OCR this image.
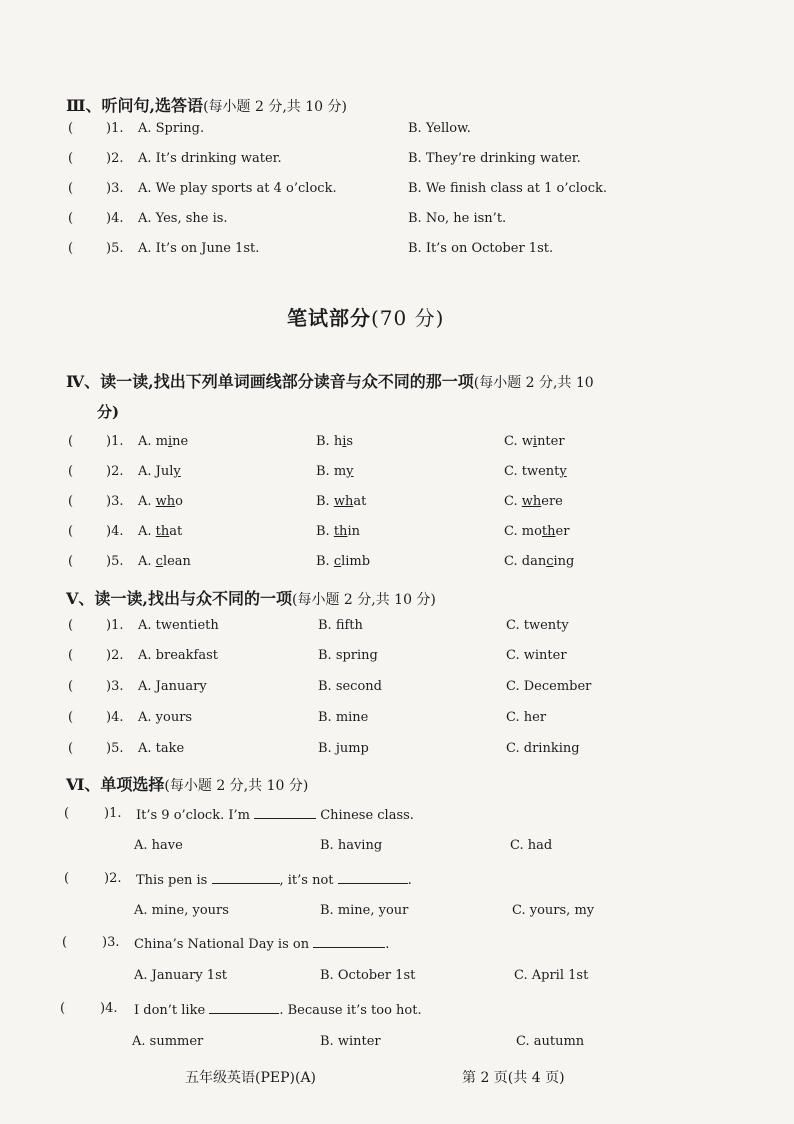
Ⅲ、听问句,选答语(每小题 2 分,共 10 分)
(	)1. A. Spring.	B. Yellow.
(	)2. A. It’s drinking water.	B. They’re drinking water.
(	)3. A. We play sports at 4 o’clock.	B. We finish class at 1 o’clock.
(	)4. A. Yes, she is.	B. No, he isn’t.
(	)5. A. It’s on June 1st.	B. It’s on October 1st.
笔试部分(70 分)
Ⅳ、读一读,找出下列单词画线部分读音与众不同的那一项(每小题 2 分,共 10
分)
(	)1. A. mine	B. his	C. winter
(	)2. A. July	B. my	C. twenty
(	)3. A. who	B. what	C. where
(	)4. A. that	B. thin	C. mother
(	)5. A. clean	B. climb	C. dancing
Ⅴ、读一读,找出与众不同的一项(每小题 2 分,共 10 分)
(	)1. A. twentieth	B. fifth	C. twenty
(	)2. A. breakfast	B. spring	C. winter
(	)3. A. January	B. second	C. December
(	)4. A. yours	B. mine	C. her
(	)5. A. take	B. jump	C. drinking
Ⅵ、单项选择(每小题 2 分,共 10 分)
(	)1. It’s 9 o’clock. I’m	Chinese class.
A. have	B. having	C. had
(	)2. This pen is	, it’s not	.
A. mine, yours	B. mine, your	C. yours, my
(	)3. China’s National Day is on	.
A. January 1st	B. October 1st	C. April 1st
(	)4. I don’t like	. Because it’s too hot.
A. summer	B. winter	C. autumn
五年级英语(PEP)(A)	第 2 页(共 4 页)
